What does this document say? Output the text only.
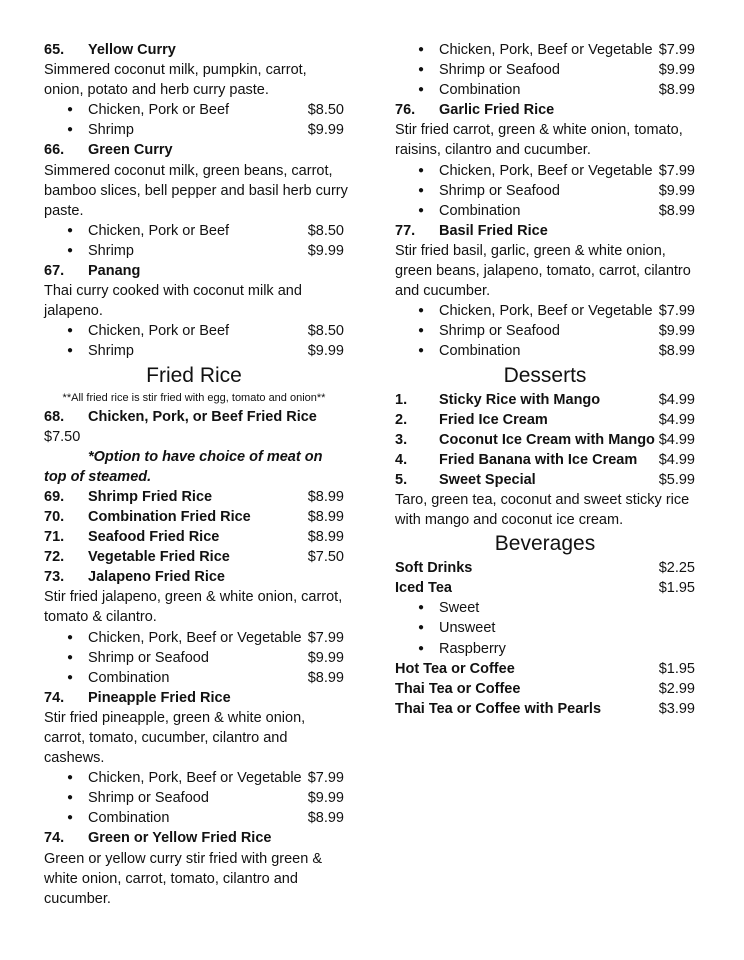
65. Yellow Curry
Simmered coconut milk, pumpkin, carrot,
onion, potato and herb curry paste.
● Chicken, Pork or Beef	$8.50
● Shrimp	$9.99
66. Green Curry
Simmered coconut milk, green beans, carrot,
bamboo slices, bell pepper and basil herb curry
paste.
● Chicken, Pork or Beef	$8.50
● Shrimp	$9.99
67. Panang
Thai curry cooked with coconut milk and
jalapeno.
● Chicken, Pork or Beef	$8.50
● Shrimp	$9.99
Fried Rice
**All fried rice is stir fried with egg, tomato and onion**
68. Chicken, Pork, or Beef Fried Rice
$7.50
*Option to have choice of meat on
top of steamed.
69. Shrimp Fried Rice	$8.99
70. Combination Fried Rice	$8.99
71. Seafood Fried Rice	$8.99
72. Vegetable Fried Rice	$7.50
73. Jalapeno Fried Rice
Stir fried jalapeno, green & white onion, carrot,
tomato & cilantro.
● Chicken, Pork, Beef or Vegetable $7.99
● Shrimp or Seafood	$9.99
● Combination	$8.99
74. Pineapple Fried Rice
Stir fried pineapple, green & white onion,
carrot, tomato, cucumber, cilantro and
cashews.
● Chicken, Pork, Beef or Vegetable $7.99
● Shrimp or Seafood	$9.99
● Combination	$8.99
74. Green or Yellow Fried Rice
Green or yellow curry stir fried with green &
white onion, carrot, tomato, cilantro and
cucumber.
● Chicken, Pork, Beef or Vegetable $7.99
● Shrimp or Seafood	$9.99
● Combination	$8.99
76. Garlic Fried Rice
Stir fried carrot, green & white onion, tomato,
raisins, cilantro and cucumber.
● Chicken, Pork, Beef or Vegetable $7.99
● Shrimp or Seafood	$9.99
● Combination	$8.99
77. Basil Fried Rice
Stir fried basil, garlic, green & white onion,
green beans, jalapeno, tomato, carrot, cilantro
and cucumber.
● Chicken, Pork, Beef or Vegetable $7.99
● Shrimp or Seafood	$9.99
● Combination	$8.99
Desserts
1. Sticky Rice with Mango	$4.99
2. Fried Ice Cream	$4.99
3. Coconut Ice Cream with Mango $4.99
4. Fried Banana with Ice Cream $4.99
5. Sweet Special	$5.99
Taro, green tea, coconut and sweet sticky rice
with mango and coconut ice cream.
Beverages
Soft Drinks	$2.25
Iced Tea	$1.95
● Sweet
● Unsweet
● Raspberry
Hot Tea or Coffee	$1.95
Thai Tea or Coffee	$2.99
Thai Tea or Coffee with Pearls	$3.99
